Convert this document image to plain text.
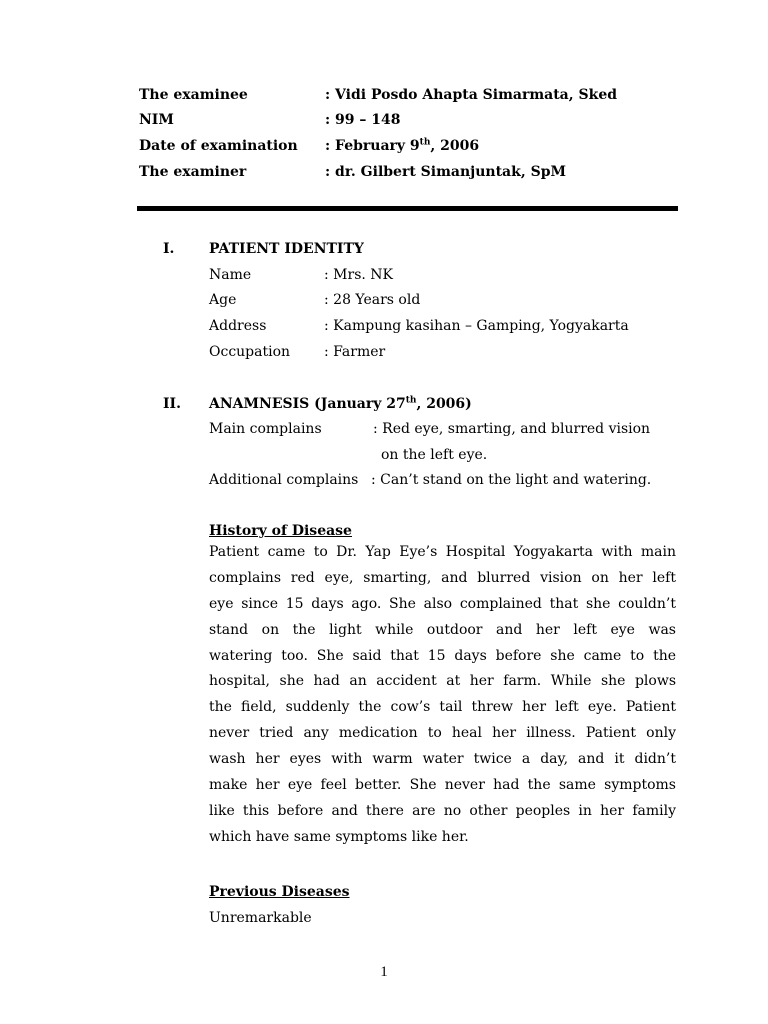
The examinee	: Vidi Posdo Ahapta Simarmata, Sked
NIM	: 99 – 148
Date of examination : February 9th, 2006
The examiner	: dr. Gilbert Simanjuntak, SpM
I. PATIENT IDENTITY
Name	: Mrs. NK
Age	: 28 Years old
Address	: Kampung kasihan – Gamping, Yogyakarta
Occupation : Farmer
II. ANAMNESIS (January 27th, 2006)
Main complains	: Red eye, smarting, and blurred vision
on the left eye.
Additional complains : Can’t stand on the light and watering.
History of Disease
Patient came to Dr. Yap Eye’s Hospital Yogyakarta with main
complains red eye, smarting, and blurred vision on her left
eye since 15 days ago. She also complained that she couldn’t
stand on the light while outdoor and her left eye was
watering too. She said that 15 days before she came to the
hospital, she had an accident at her farm. While she plows
the field, suddenly the cow’s tail threw her left eye. Patient
never tried any medication to heal her illness. Patient only
wash her eyes with warm water twice a day, and it didn’t
make her eye feel better. She never had the same symptoms
like this before and there are no other peoples in her family
which have same symptoms like her.
Previous Diseases
Unremarkable
1
